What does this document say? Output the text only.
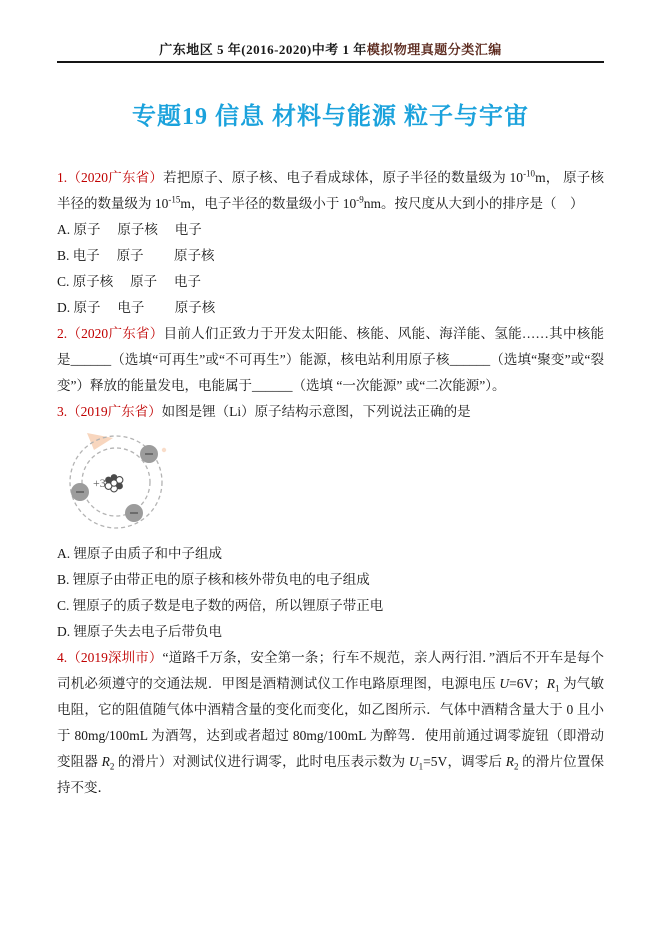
广东地区 5 年(2016-2020)中考 1 年模拟物理真题分类汇编
专题19 信息 材料与能源 粒子与宇宙

1.（2020广东省）若把原子、原子核、电子看成球体，原子半径的数量级为 $10^{-10}m$， 原子核半径的数量级为 $10^{-15}m$，电子半径的数量级小于 $10^{-9}nm$。按尺度从大到小的排序是（　）

A. 原子　 原子核　 电子

B. 电子　 原子　　 原子核

C. 原子核　 原子　 电子

D. 原子　 电子　　 原子核

2.（2020广东省）目前人们正致力于开发太阳能、核能、风能、海洋能、氢能……其中核能是______（选填“可再生”或“不可再生”）能源，核电站利用原子核______（选填“聚变”或“裂变”）释放的能量发电，电能属于______（选填 “一次能源” 或“二次能源”）。

3.（2019广东省）如图是锂（Li）原子结构示意图，下列说法正确的是

+3

A. 锂原子由质子和中子组成

B. 锂原子由带正电的原子核和核外带负电的电子组成

C. 锂原子的质子数是电子数的两倍，所以锂原子带正电

D. 锂原子失去电子后带负电

4.（2019深圳市）“道路千万条，安全第一条；行车不规范，亲人两行泪．”酒后不开车是每个司机必须遵守的交通法规．甲图是酒精测试仪工作电路原理图，电源电压 U=6V；$R_1$ 为气敏电阻，它的阻值随气体中酒精含量的变化而变化，如乙图所示．气体中酒精含量大于 0 且小于 80mg/100mL 为酒驾，达到或者超过 80mg/100mL 为醉驾．使用前通过调零旋钮（即滑动变阻器 $R_2$ 的滑片）对测试仪进行调零，此时电压表示数为 $U_1=5V$，调零后 $R_2$ 的滑片位置保持不变．
